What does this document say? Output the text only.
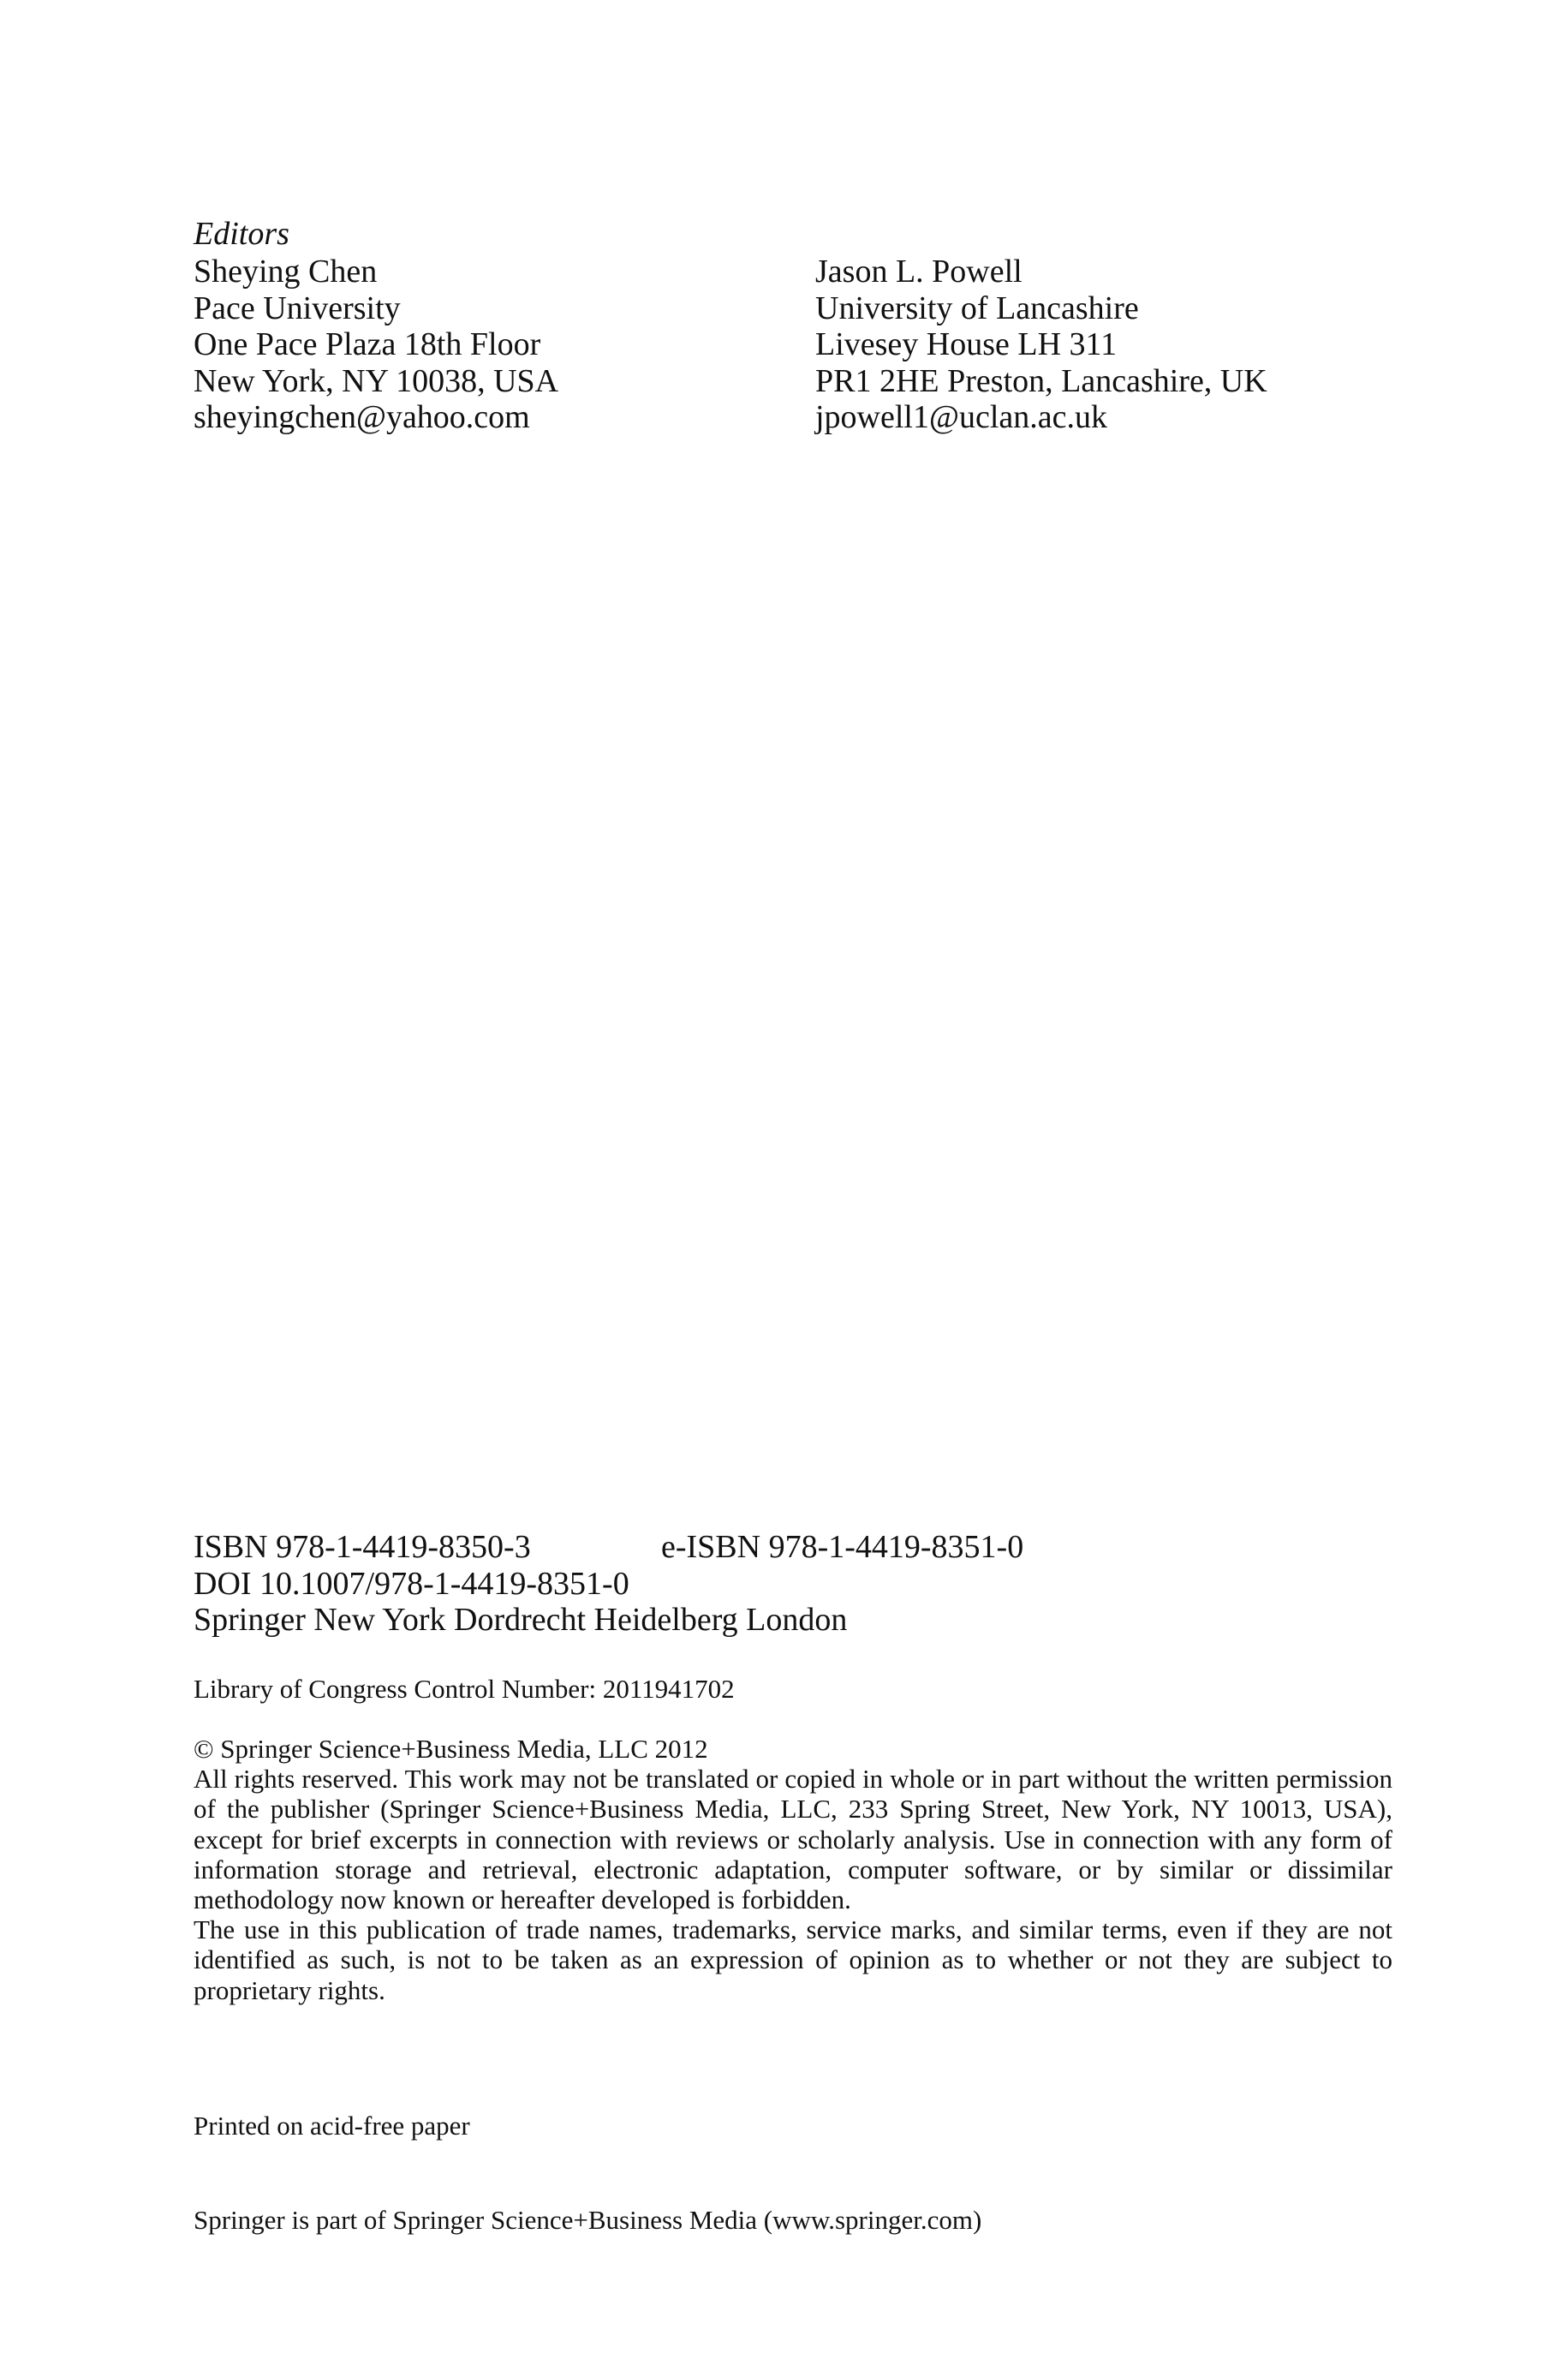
Editors

Sheying Chen
Pace University
One Pace Plaza 18th Floor
New York, NY 10038, USA
sheyingchen@yahoo.com
Jason L. Powell
University of Lancashire
Livesey House LH 311
PR1 2HE Preston, Lancashire, UK
jpowell1@uclan.ac.uk
ISBN 978-1-4419-8350-3	e-ISBN 978-1-4419-8351-0
DOI 10.1007/978-1-4419-8351-0
Springer New York Dordrecht Heidelberg London
Library of Congress Control Number: 2011941702

© Springer Science+Business Media, LLC 2012

All rights reserved. This work may not be translated or copied in whole or in part without the written permission of the publisher (Springer Science+Business Media, LLC, 233 Spring Street, New York, NY 10013, USA), except for brief excerpts in connection with reviews or scholarly analysis. Use in connection with any form of information storage and retrieval, electronic adaptation, computer software, or by similar or dissimilar methodology now known or hereafter developed is forbidden.

The use in this publication of trade names, trademarks, service marks, and similar terms, even if they are not identified as such, is not to be taken as an expression of opinion as to whether or not they are subject to proprietary rights.

Printed on acid-free paper
Springer is part of Springer Science+Business Media (www.springer.com)
